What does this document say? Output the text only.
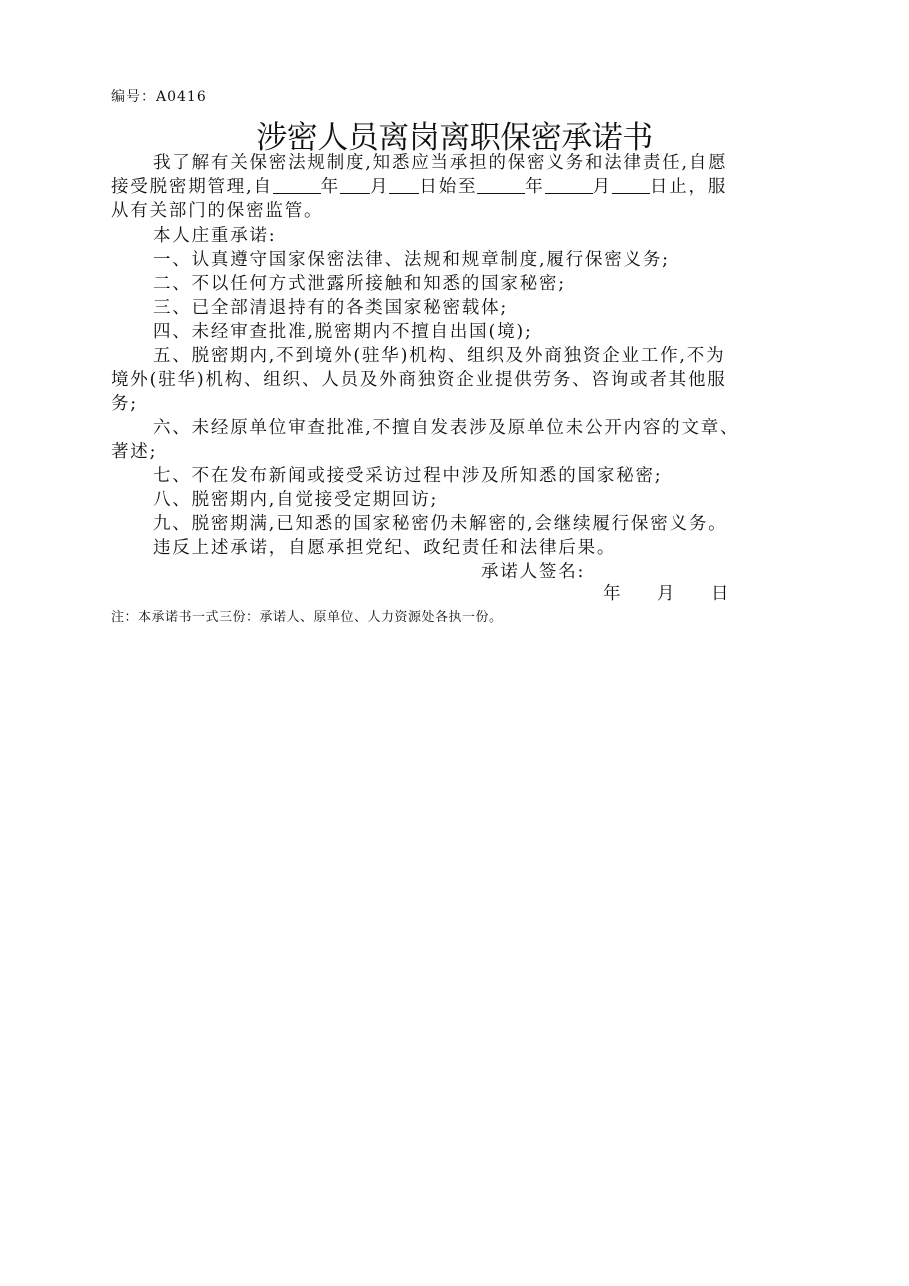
编号：A0416
涉密人员离岗离职保密承诺书
我了解有关保密法规制度,知悉应当承担的保密义务和法律责任,自愿
接受脱密期管理,自	年 月 日始至	年	月 日止，服
从有关部门的保密监管。
本人庄重承诺:
一、认真遵守国家保密法律、法规和规章制度,履行保密义务;
二、不以任何方式泄露所接触和知悉的国家秘密;
三、已全部清退持有的各类国家秘密载体;
四、未经审查批准,脱密期内不擅自出国(境);
五、脱密期内,不到境外(驻华)机构、组织及外商独资企业工作,不为
境外(驻华)机构、组织、人员及外商独资企业提供劳务、咨询或者其他服
务;
六、未经原单位审查批准,不擅自发表涉及原单位未公开内容的文章、
著述;
七、不在发布新闻或接受采访过程中涉及所知悉的国家秘密;
八、脱密期内,自觉接受定期回访;
九、脱密期满,已知悉的国家秘密仍未解密的,会继续履行保密义务。
违反上述承诺，自愿承担党纪、政纪责任和法律后果。
承诺人签名:
年 月 日
注：本承诺书一式三份：承诺人、原单位、人力资源处各执一份。
